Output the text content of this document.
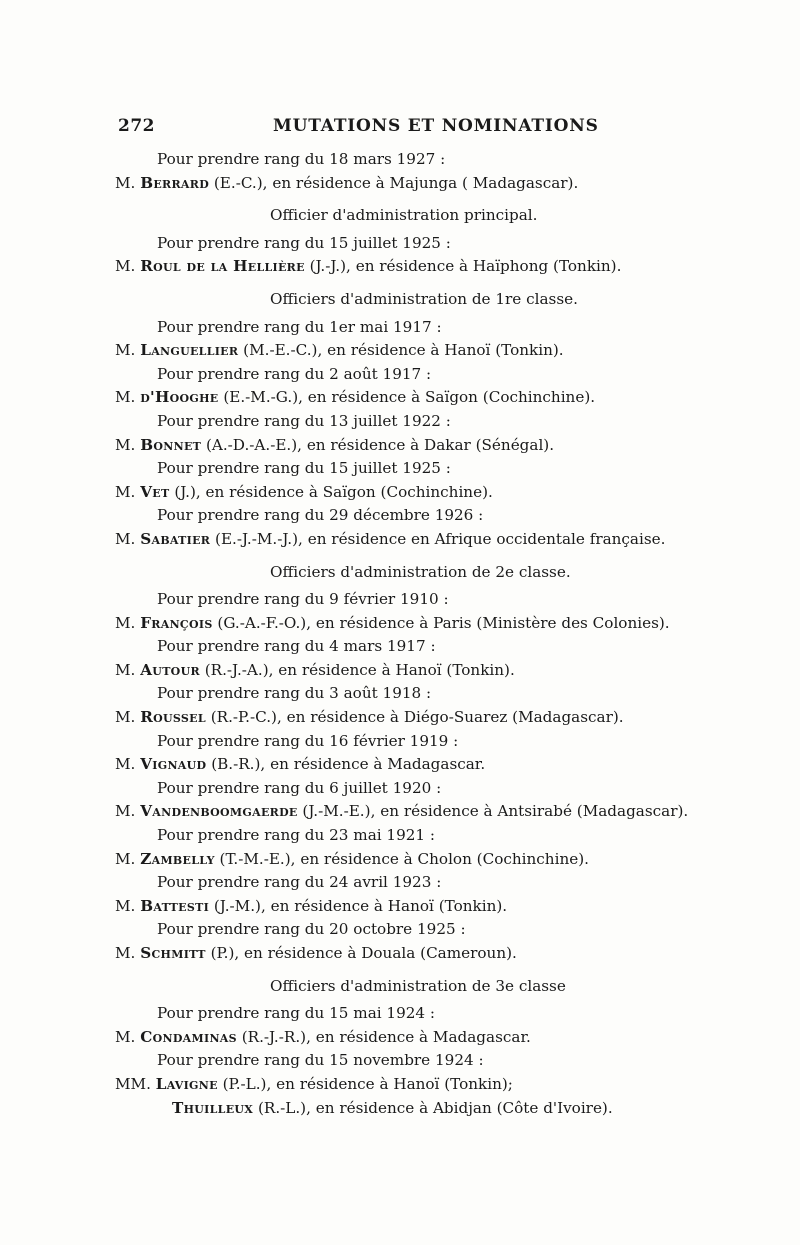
272	MUTATIONS ET NOMINATIONS
Pour prendre rang du 18 mars 1927 :
M. Berrard (E.-C.), en résidence à Majunga ( Madagascar).
Officier d'administration principal.
Pour prendre rang du 15 juillet 1925 :
M. Roul de la Hellière (J.-J.), en résidence à Haïphong (Tonkin).
Officiers d'administration de 1re classe.
Pour prendre rang du 1er mai 1917 :
M. Languellier (M.-E.-C.), en résidence à Hanoï (Tonkin).
Pour prendre rang du 2 août 1917 :
M. d'Hooghe (E.-M.-G.), en résidence à Saïgon (Cochinchine).
Pour prendre rang du 13 juillet 1922 :
M. Bonnet (A.-D.-A.-E.), en résidence à Dakar (Sénégal).
Pour prendre rang du 15 juillet 1925 :
M. Vet (J.), en résidence à Saïgon (Cochinchine).
Pour prendre rang du 29 décembre 1926 :
M. Sabatier (E.-J.-M.-J.), en résidence en Afrique occidentale française.
Officiers d'administration de 2e classe.
Pour prendre rang du 9 février 1910 :
M. François (G.-A.-F.-O.), en résidence à Paris (Ministère des Colonies).
Pour prendre rang du 4 mars 1917 :
M. Autour (R.-J.-A.), en résidence à Hanoï (Tonkin).
Pour prendre rang du 3 août 1918 :
M. Roussel (R.-P.-C.), en résidence à Diégo-Suarez (Madagascar).
Pour prendre rang du 16 février 1919 :
M. Vignaud (B.-R.), en résidence à Madagascar.
Pour prendre rang du 6 juillet 1920 :
M. Vandenboomgaerde (J.-M.-E.), en résidence à Antsirabé (Madagascar).
Pour prendre rang du 23 mai 1921 :
M. Zambelly (T.-M.-E.), en résidence à Cholon (Cochinchine).
Pour prendre rang du 24 avril 1923 :
M. Battesti (J.-M.), en résidence à Hanoï (Tonkin).
Pour prendre rang du 20 octobre 1925 :
M. Schmitt (P.), en résidence à Douala (Cameroun).
Officiers d'administration de 3e classe
Pour prendre rang du 15 mai 1924 :
M. Condaminas (R.-J.-R.), en résidence à Madagascar.
Pour prendre rang du 15 novembre 1924 :
MM. Lavigne (P.-L.), en résidence à Hanoï (Tonkin);
Thuilleux (R.-L.), en résidence à Abidjan (Côte d'Ivoire).
